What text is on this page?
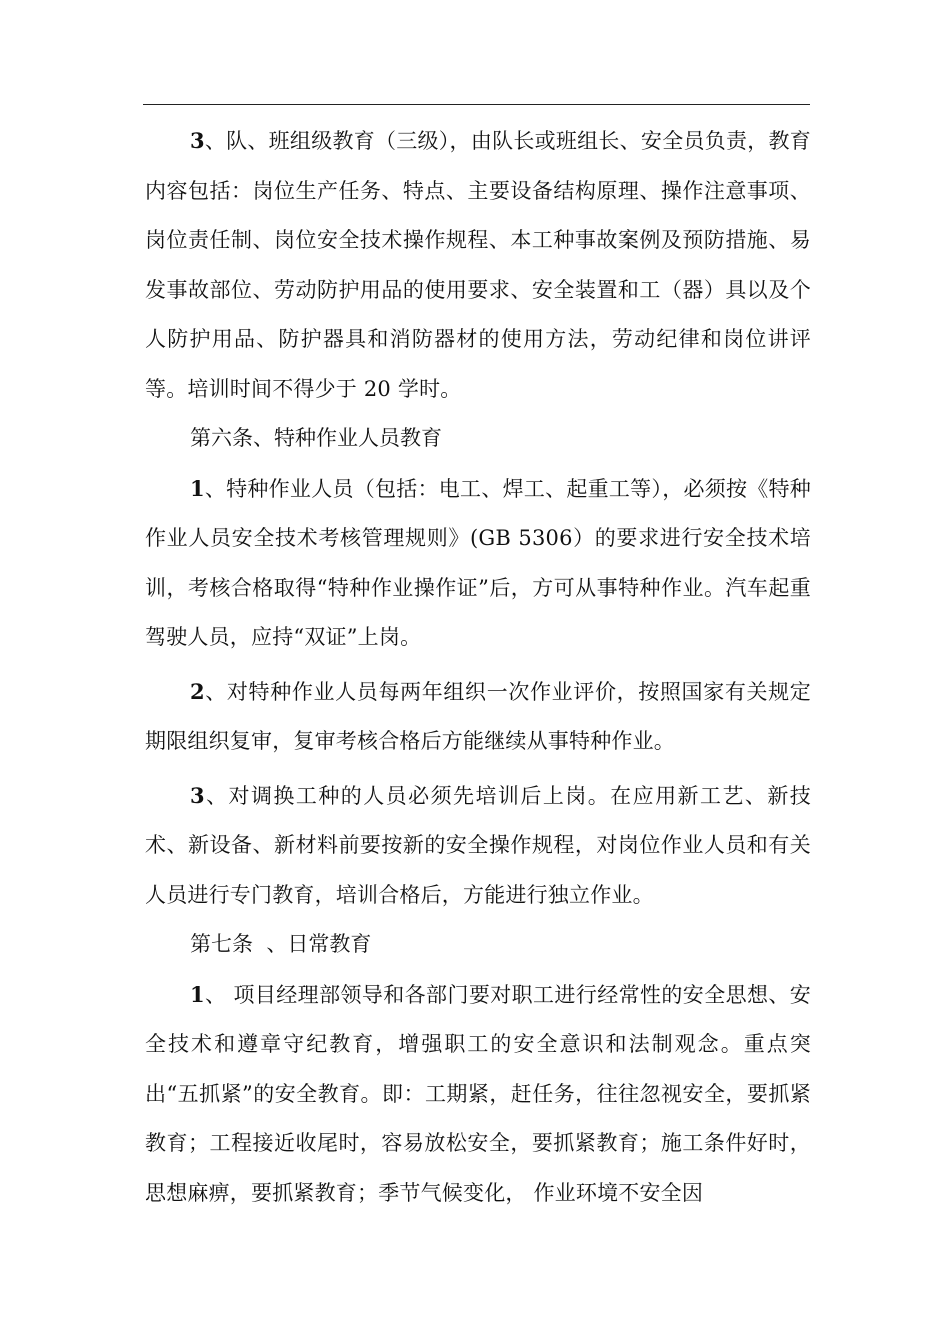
3、队、班组级教育（三级），由队长或班组长、安全员负责，教育内容包括：岗位生产任务、特点、主要设备结构原理、操作注意事项、岗位责任制、岗位安全技术操作规程、本工种事故案例及预防措施、易发事故部位、劳动防护用品的使用要求、安全装置和工（器）具以及个人防护用品、防护器具和消防器材的使用方法，劳动纪律和岗位讲评等。培训时间不得少于 20 学时。

第六条、特种作业人员教育

1、特种作业人员（包括：电工、焊工、起重工等），必须按《特种作业人员安全技术考核管理规则》(GB 5306）的要求进行安全技术培训，考核合格取得“特种作业操作证”后，方可从事特种作业。汽车起重驾驶人员，应持“双证”上岗。

2、对特种作业人员每两年组织一次作业评价，按照国家有关规定期限组织复审，复审考核合格后方能继续从事特种作业。

3、对调换工种的人员必须先培训后上岗。在应用新工艺、新技术、新设备、新材料前要按新的安全操作规程，对岗位作业人员和有关人员进行专门教育，培训合格后，方能进行独立作业。

第七条  、日常教育

1、 项目经理部领导和各部门要对职工进行经常性的安全思想、安全技术和遵章守纪教育，增强职工的安全意识和法制观念。重点突出“五抓紧”的安全教育。即：工期紧，赶任务，往往忽视安全，要抓紧教育；工程接近收尾时，容易放松安全，要抓紧教育；施工条件好时，思想麻痹，要抓紧教育；季节气候变化， 作业环境不安全因
